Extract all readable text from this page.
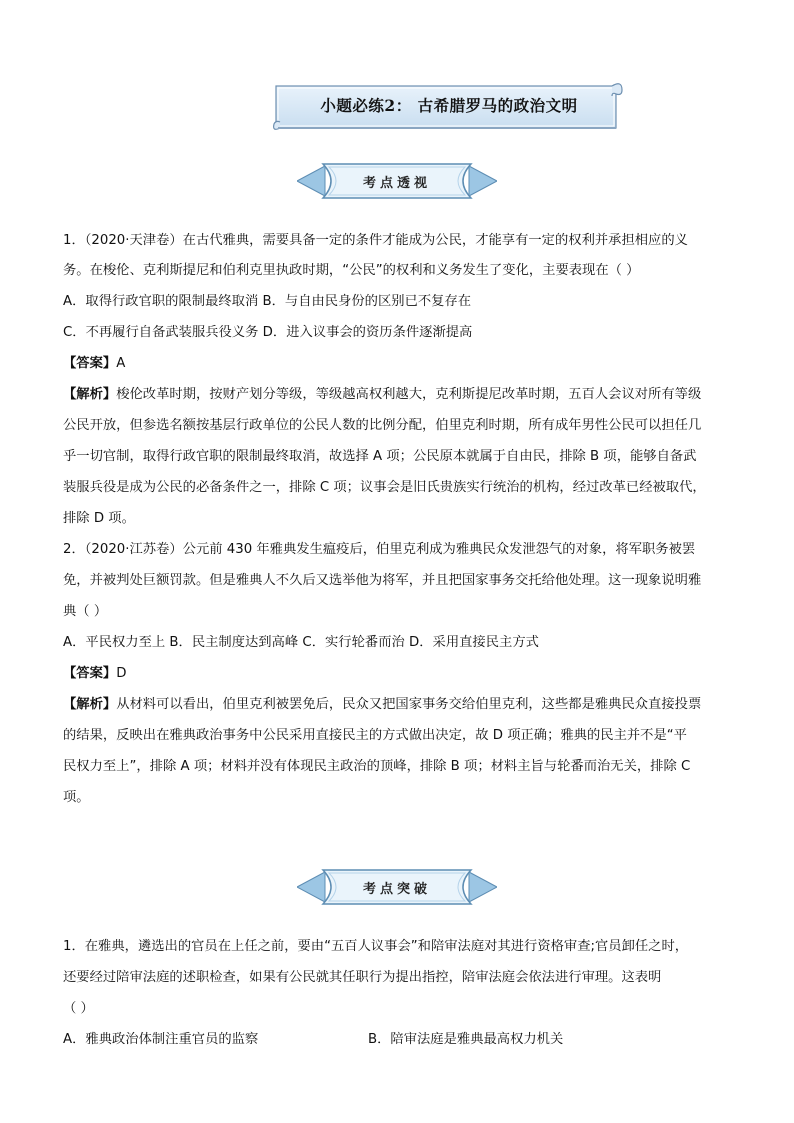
小题必练2： 古希腊罗马的政治文明
考点透视
1．（2020·天津卷）在古代雅典，需要具备一定的条件才能成为公民，才能享有一定的权利并承担相应的义
务。在梭伦、克利斯提尼和伯利克里执政时期，“公民”的权利和义务发生了变化，主要表现在（ ）
A．取得行政官职的限制最终取消 B．与自由民身份的区别已不复存在
C．不再履行自备武装服兵役义务 D．进入议事会的资历条件逐渐提高
【答案】A
【解析】梭伦改革时期，按财产划分等级，等级越高权利越大，克利斯提尼改革时期，五百人会议对所有等级
公民开放，但参选名额按基层行政单位的公民人数的比例分配，伯里克利时期，所有成年男性公民可以担任几
乎一切官制，取得行政官职的限制最终取消，故选择 A 项；公民原本就属于自由民，排除 B 项，能够自备武
装服兵役是成为公民的必备条件之一，排除 C 项；议事会是旧氏贵族实行统治的机构，经过改革已经被取代，
排除 D 项。
2．（2020·江苏卷）公元前 430 年雅典发生瘟疫后，伯里克利成为雅典民众发泄怨气的对象，将军职务被罢
免，并被判处巨额罚款。但是雅典人不久后又选举他为将军，并且把国家事务交托给他处理。这一现象说明雅
典（ ）
A．平民权力至上 B．民主制度达到高峰 C．实行轮番而治 D．采用直接民主方式
【答案】D
【解析】从材料可以看出，伯里克利被罢免后，民众又把国家事务交给伯里克利，这些都是雅典民众直接投票
的结果，反映出在雅典政治事务中公民采用直接民主的方式做出决定，故 D 项正确；雅典的民主并不是“平
民权力至上”，排除 A 项；材料并没有体现民主政治的顶峰，排除 B 项；材料主旨与轮番而治无关，排除 C
项。
考点突破
1．在雅典，遴选出的官员在上任之前，要由“五百人议事会”和陪审法庭对其进行资格审查;官员卸任之时，
还要经过陪审法庭的述职检查，如果有公民就其任职行为提出指控，陪审法庭会依法进行审理。这表明
（ ）
A．雅典政治体制注重官员的监察	B．陪审法庭是雅典最高权力机关
